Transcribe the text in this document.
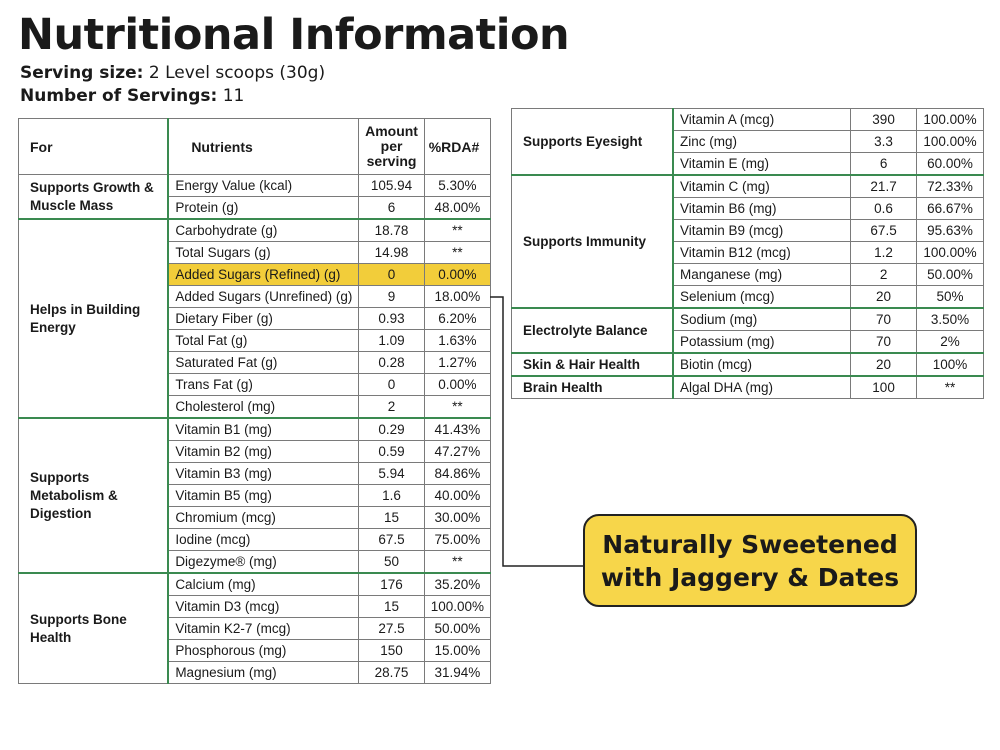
Nutritional Information
Serving size: 2 Level scoops (30g)
Number of Servings: 11
For	Nutrients	Amount per serving	%RDA#
Supports Growth & Muscle Mass	Energy Value (kcal)	105.94	5.30%
	Protein (g)	6	48.00%
Helps in Building Energy	Carbohydrate (g)	18.78	**
	Total Sugars (g)	14.98	**
	Added Sugars (Refined) (g)	0	0.00%
	Added Sugars (Unrefined) (g)	9	18.00%
	Dietary Fiber (g)	0.93	6.20%
	Total Fat (g)	1.09	1.63%
	Saturated Fat (g)	0.28	1.27%
	Trans Fat (g)	0	0.00%
	Cholesterol (mg)	2	**
Supports Metabolism & Digestion	Vitamin B1 (mg)	0.29	41.43%
	Vitamin B2 (mg)	0.59	47.27%
	Vitamin B3 (mg)	5.94	84.86%
	Vitamin B5 (mg)	1.6	40.00%
	Chromium (mcg)	15	30.00%
	Iodine (mcg)	67.5	75.00%
	Digezyme® (mg)	50	**
Supports Bone Health	Calcium (mg)	176	35.20%
	Vitamin D3 (mcg)	15	100.00%
	Vitamin K2-7 (mcg)	27.5	50.00%
	Phosphorous (mg)	150	15.00%
	Magnesium (mg)	28.75	31.94%
Supports Eyesight	Vitamin A (mcg)	390	100.00%
	Zinc (mg)	3.3	100.00%
	Vitamin E (mg)	6	60.00%
Supports Immunity	Vitamin C (mg)	21.7	72.33%
	Vitamin B6 (mg)	0.6	66.67%
	Vitamin B9 (mcg)	67.5	95.63%
	Vitamin B12 (mcg)	1.2	100.00%
	Manganese (mg)	2	50.00%
	Selenium (mcg)	20	50%
Electrolyte Balance	Sodium (mg)	70	3.50%
	Potassium (mg)	70	2%
Skin & Hair Health	Biotin (mcg)	20	100%
Brain Health	Algal DHA (mg)	100	**
Naturally Sweetened
with Jaggery & Dates
